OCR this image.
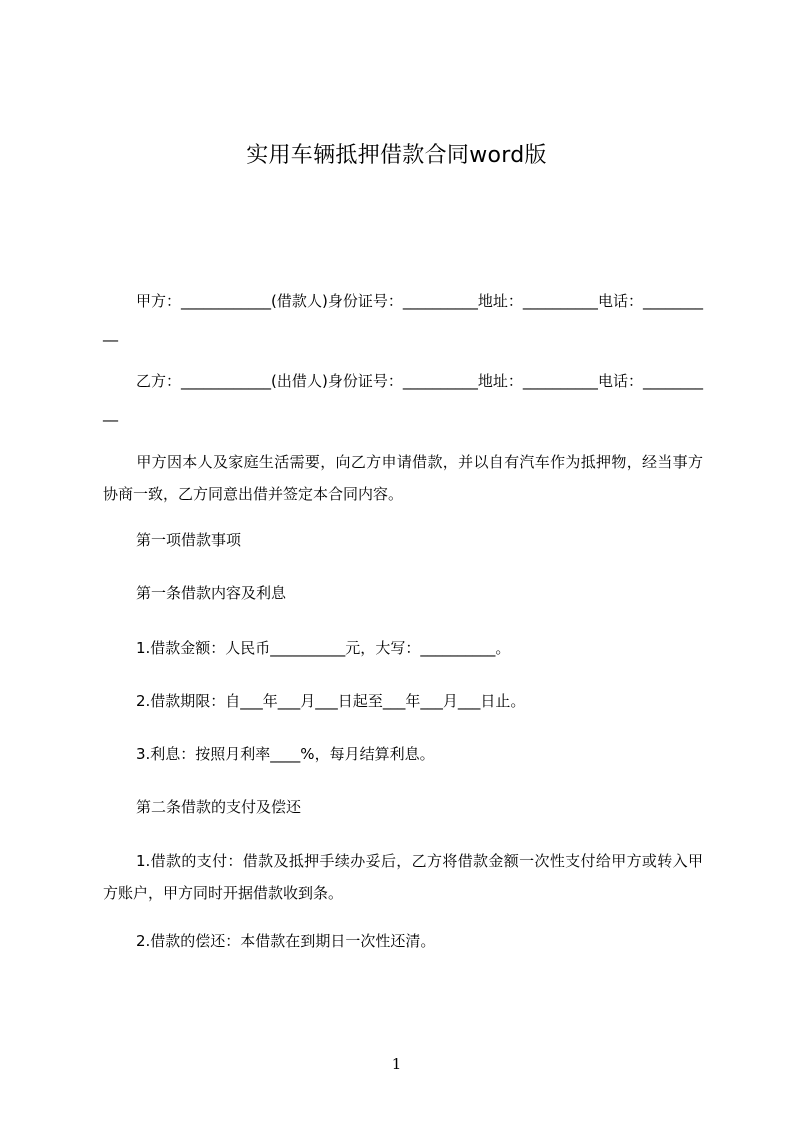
实用车辆抵押借款合同word版
甲方：____________(借款人)身份证号：__________地址：__________电话：__________
乙方：____________(出借人)身份证号：__________地址：__________电话：__________
甲方因本人及家庭生活需要，向乙方申请借款，并以自有汽车作为抵押物，经当事方协商一致，乙方同意出借并签定本合同内容。
第一项借款事项
第一条借款内容及利息
1.借款金额：人民币__________元，大写：__________。
2.借款期限：自___年___月___日起至___年___月___日止。
3.利息：按照月利率____%，每月结算利息。
第二条借款的支付及偿还
1.借款的支付：借款及抵押手续办妥后，乙方将借款金额一次性支付给甲方或转入甲方账户，甲方同时开据借款收到条。
2.借款的偿还：本借款在到期日一次性还清。
1
